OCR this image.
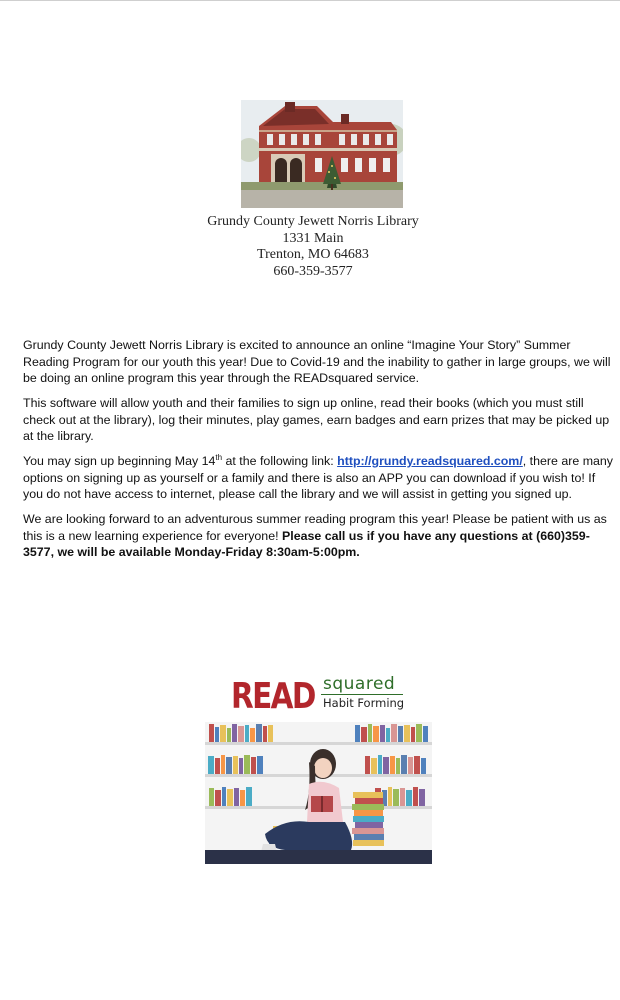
Grundy County Jewett Norris Library
1331 Main
Trenton, MO 64683
660-359-3577

Grundy County Jewett Norris Library is excited to announce an online “Imagine Your Story” Summer Reading Program for our youth this year! Due to Covid-19 and the inability to gather in large groups, we will be doing an online program this year through the READsquared service.

This software will allow youth and their families to sign up online, read their books (which you must still check out at the library), log their minutes, play games, earn badges and earn prizes that may be picked up at the library.

You may sign up beginning May 14th at the following link: http://grundy.readsquared.com/, there are many options on signing up as yourself or a family and there is also an APP you can download if you wish to! If you do not have access to internet, please call the library and we will assist in getting you signed up.

We are looking forward to an adventurous summer reading program this year! Please be patient with us as this is a new learning experience for everyone! Please call us if you have any questions at (660)359-3577, we will be available Monday-Friday 8:30am-5:00pm.

READ squared
Habit Forming
